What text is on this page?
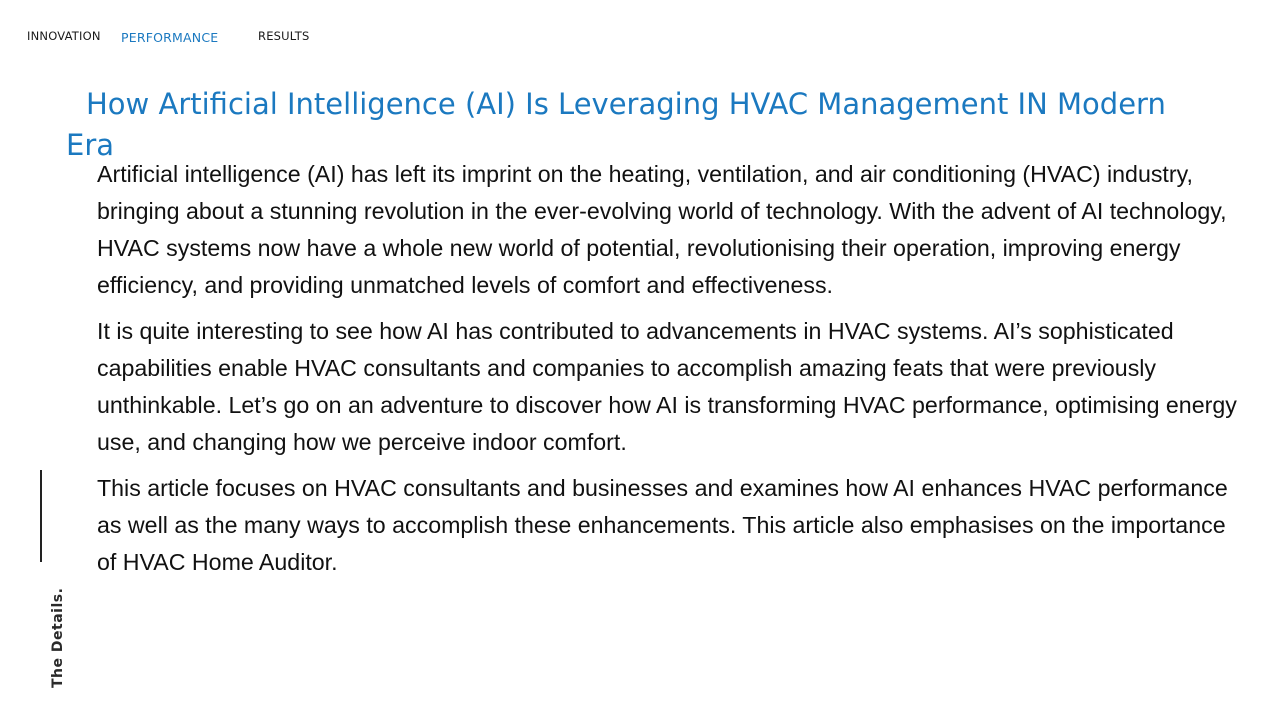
INNOVATION PERFORMANCE	RESULTS
How Artificial Intelligence (AI) Is Leveraging HVAC Management IN Modern Era

Artificial intelligence (AI) has left its imprint on the heating, ventilation, and air conditioning (HVAC) industry, bringing about a stunning revolution in the ever-evolving world of technology. With the advent of AI technology, HVAC systems now have a whole new world of potential, revolutionising their operation, improving energy efficiency, and providing unmatched levels of comfort and effectiveness.

It is quite interesting to see how AI has contributed to advancements in HVAC systems. AI’s sophisticated capabilities enable HVAC consultants and companies to accomplish amazing feats that were previously unthinkable. Let’s go on an adventure to discover how AI is transforming HVAC performance, optimising energy use, and changing how we perceive indoor comfort.

This article focuses on HVAC consultants and businesses and examines how AI enhances HVAC performance as well as the many ways to accomplish these enhancements. This article also emphasises on the importance of HVAC Home Auditor.

The Details.
